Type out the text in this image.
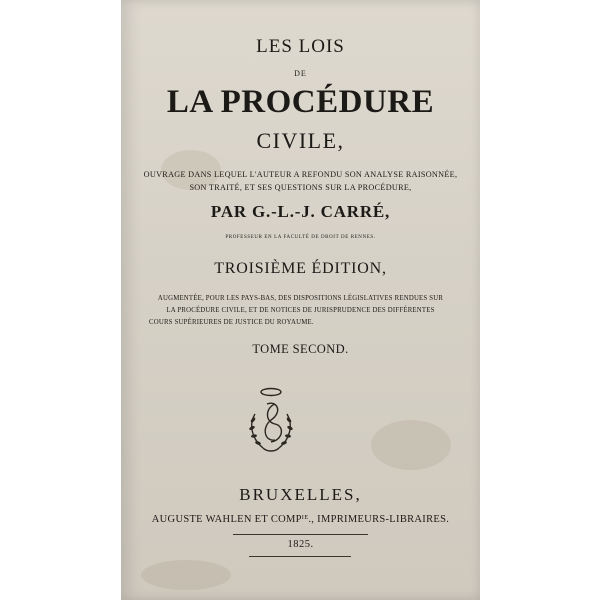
LES LOIS
DE
LA PROCÉDURE
CIVILE,
OUVRAGE DANS LEQUEL L'AUTEUR A REFONDU SON ANALYSE RAISONNÉE,
SON TRAITÉ, ET SES QUESTIONS SUR LA PROCÉDURE,
PAR G.-L.-J. CARRÉ,
PROFESSEUR EN LA FACULTÉ DE DROIT DE RENNES.
TROISIÈME ÉDITION,
AUGMENTÉE, POUR LES PAYS-BAS, DES DISPOSITIONS LÉGISLATIVES RENDUES SUR
LA PROCÉDURE CIVILE, ET DE NOTICES DE JURISPRUDENCE DES DIFFÉRENTES
COURS SUPÉRIEURES DE JUSTICE DU ROYAUME.
TOME SECOND.
BRUXELLES,
AUGUSTE WAHLEN ET COMPᴵᴱ., IMPRIMEURS-LIBRAIRES.
1825.
